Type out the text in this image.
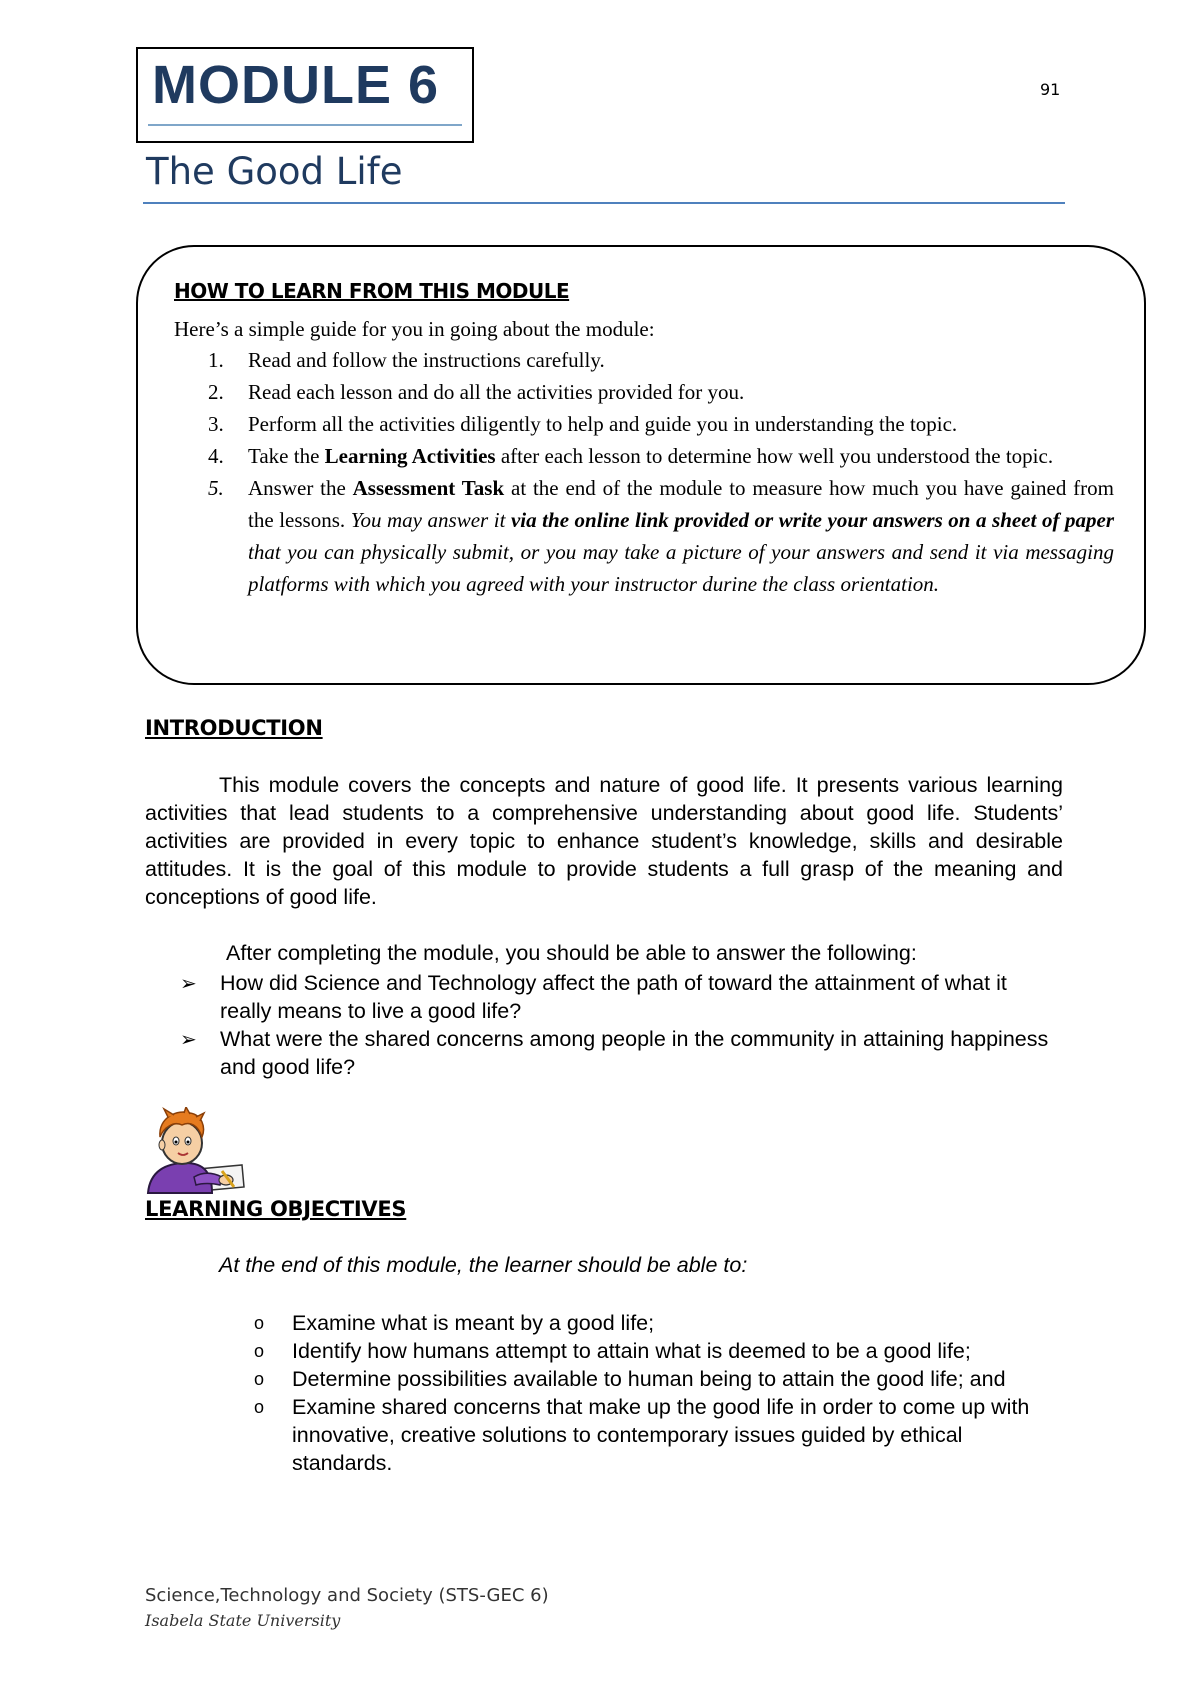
MODULE 6	91
The Good Life
HOW TO LEARN FROM THIS MODULE
Here’s a simple guide for you in going about the module:
1. Read and follow the instructions carefully.
2. Read each lesson and do all the activities provided for you.
3. Perform all the activities diligently to help and guide you in understanding the topic.
4. Take the Learning Activities after each lesson to determine how well you understood the topic.
5. Answer the Assessment Task at the end of the module to measure how much you have gained from the lessons. You may answer it via the online link provided or write your answers on a sheet of paper that you can physically submit, or you may take a picture of your answers and send it via messaging platforms with which you agreed with your instructor durine the class orientation.
INTRODUCTION
This module covers the concepts and nature of good life. It presents various learning activities that lead students to a comprehensive understanding about good life. Students’ activities are provided in every topic to enhance student’s knowledge, skills and desirable attitudes. It is the goal of this module to provide students a full grasp of the meaning and conceptions of good life.
After completing the module, you should be able to answer the following:
➢ How did Science and Technology affect the path of toward the attainment of what it really means to live a good life?
➢ What were the shared concerns among people in the community in attaining happiness and good life?
LEARNING OBJECTIVES
At the end of this module, the learner should be able to:
o Examine what is meant by a good life;
o Identify how humans attempt to attain what is deemed to be a good life;
o Determine possibilities available to human being to attain the good life; and
o Examine shared concerns that make up the good life in order to come up with innovative, creative solutions to contemporary issues guided by ethical standards.
Science,Technology and Society (STS-GEC 6)
Isabela State University
